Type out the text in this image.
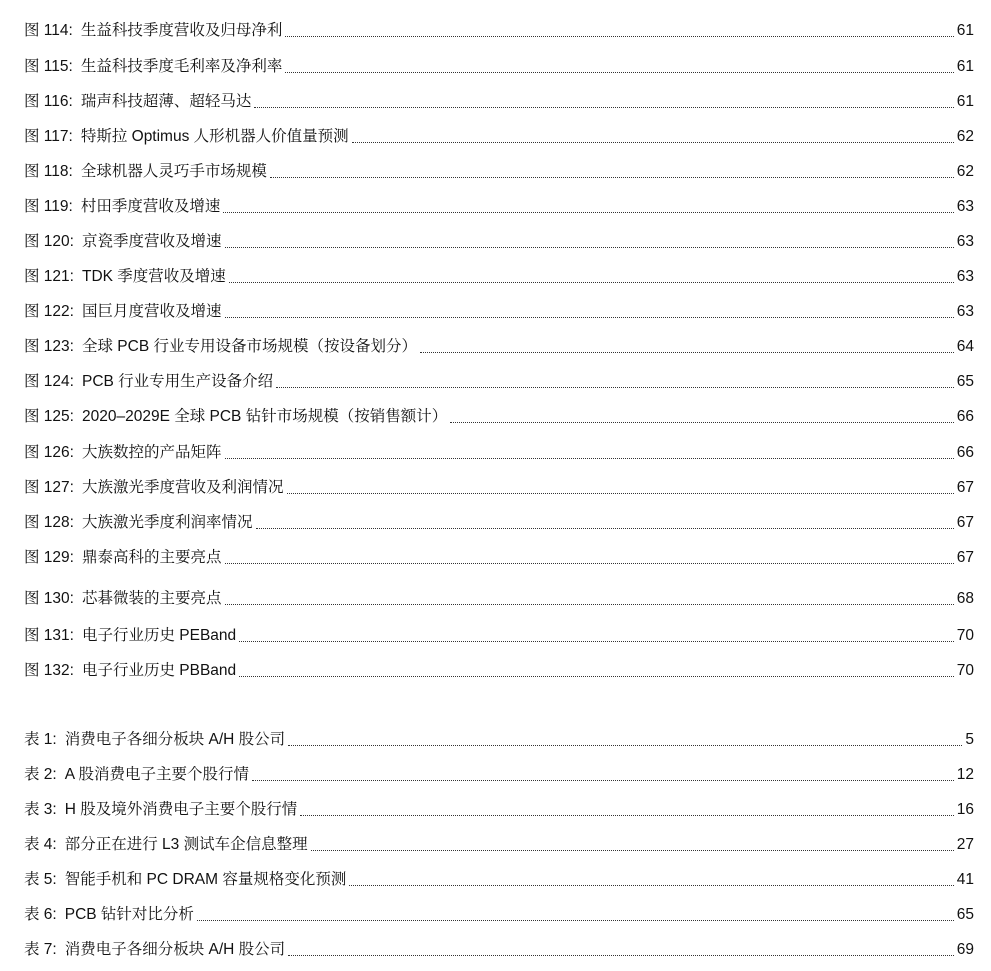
图 114: 生益科技季度营收及归母净利	61
图 115: 生益科技季度毛利率及净利率	61
图 116: 瑞声科技超薄、超轻马达	61
图 117: 特斯拉 Optimus 人形机器人价值量预测	62
图 118: 全球机器人灵巧手市场规模	62
图 119: 村田季度营收及增速	63
图 120: 京瓷季度营收及增速	63
图 121: TDK 季度营收及增速	63
图 122: 国巨月度营收及增速	63
图 123: 全球 PCB 行业专用设备市场规模（按设备划分）	64
图 124: PCB 行业专用生产设备介绍	65
图 125: 2020–2029E 全球 PCB 钻针市场规模（按销售额计）	66
图 126: 大族数控的产品矩阵	66
图 127: 大族激光季度营收及利润情况	67
图 128: 大族激光季度利润率情况	67
图 129: 鼎泰高科的主要亮点	67
图 130: 芯碁微装的主要亮点	68
图 131: 电子行业历史 PEBand	70
图 132: 电子行业历史 PBBand	70
表 1: 消费电子各细分板块 A/H 股公司	5
表 2: A 股消费电子主要个股行情	12
表 3: H 股及境外消费电子主要个股行情	16
表 4: 部分正在进行 L3 测试车企信息整理	27
表 5: 智能手机和 PC DRAM 容量规格变化预测	41
表 6: PCB 钻针对比分析	65
表 7: 消费电子各细分板块 A/H 股公司	69
